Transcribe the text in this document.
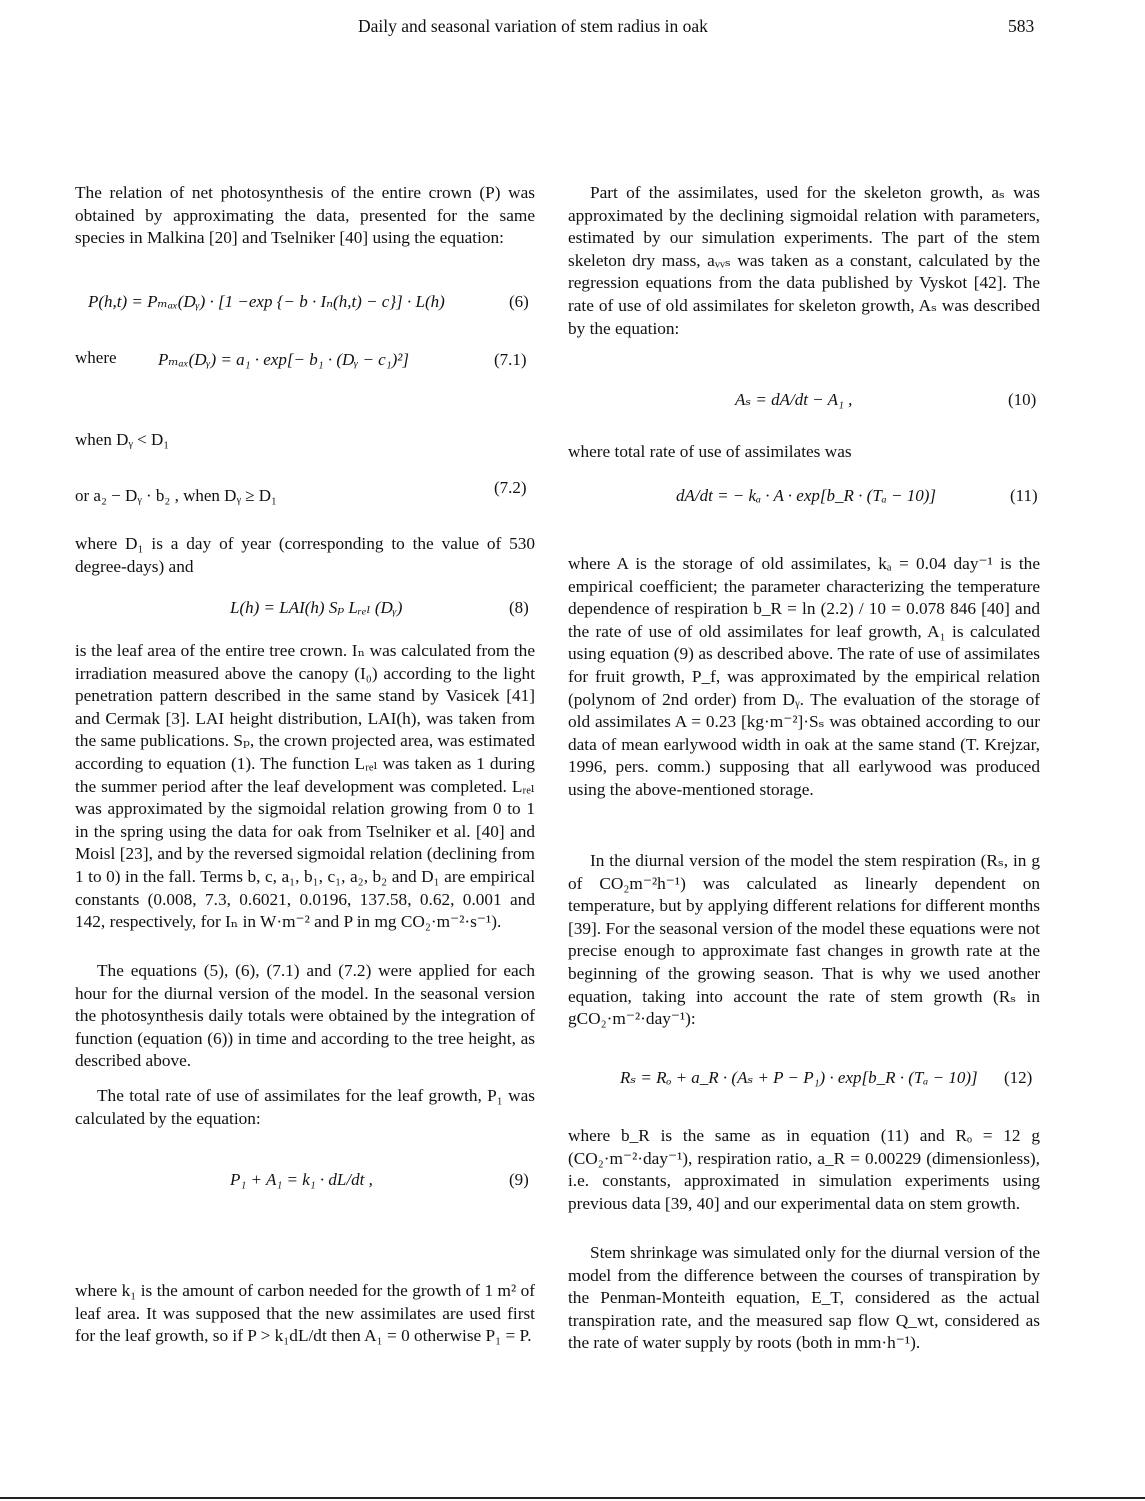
Daily and seasonal variation of stem radius in oak	583
The relation of net photosynthesis of the entire crown (P) was obtained by approximating the data, presented for the same species in Malkina [20] and Tselniker [40] using the equation:
P(h,t) = Pₘₐₓ(Dᵧ) · [1 −exp {− b · Iₙ(h,t) − c}] · L(h)	(6)
where Pₘₐₓ(Dᵧ) = a₁ · exp[− b₁ · (Dᵧ − c₁)²]	(7.1)
when Dᵧ < D₁
or a₂ − Dᵧ · b₂ , when Dᵧ ≥ D₁	(7.2)
where D₁ is a day of year (corresponding to the value of 530 degree-days) and
L(h) = LAI(h) Sₚ Lᵣₑₗ (Dᵧ)	(8)
is the leaf area of the entire tree crown. Iₙ was calculated from the irradiation measured above the canopy (I₀) according to the light penetration pattern described in the same stand by Vasicek [41] and Cermak [3]. LAI height distribution, LAI(h), was taken from the same publications. Sₚ, the crown projected area, was estimated according to equation (1). The function Lᵣₑₗ was taken as 1 during the summer period after the leaf development was completed. Lᵣₑₗ was approximated by the sigmoidal relation growing from 0 to 1 in the spring using the data for oak from Tselniker et al. [40] and Moisl [23], and by the reversed sigmoidal relation (declining from 1 to 0) in the fall. Terms b, c, a₁, b₁, c₁, a₂, b₂ and D₁ are empirical constants (0.008, 7.3, 0.6021, 0.0196, 137.58, 0.62, 0.001 and 142, respectively, for Iₙ in W·m⁻² and P in mg CO₂·m⁻²·s⁻¹).
The equations (5), (6), (7.1) and (7.2) were applied for each hour for the diurnal version of the model. In the seasonal version the photosynthesis daily totals were obtained by the integration of function (equation (6)) in time and according to the tree height, as described above.
The total rate of use of assimilates for the leaf growth, P₁ was calculated by the equation:
P₁ + A₁ = k₁ · dL/dt ,	(9)
where k₁ is the amount of carbon needed for the growth of 1 m² of leaf area. It was supposed that the new assimilates are used first for the leaf growth, so if P > k₁dL/dt then A₁ = 0 otherwise P₁ = P.
Part of the assimilates, used for the skeleton growth, aₛ was approximated by the declining sigmoidal relation with parameters, estimated by our simulation experiments. The part of the stem skeleton dry mass, aᵥᵥₛ was taken as a constant, calculated by the regression equations from the data published by Vyskot [42]. The rate of use of old assimilates for skeleton growth, Aₛ was described by the equation:
Aₛ = dA/dt − A₁ ,	(10)
where total rate of use of assimilates was
dA/dt = − kₐ · A · exp[b_R · (Tₐ − 10)]	(11)
where A is the storage of old assimilates, kₐ = 0.04 day⁻¹ is the empirical coefficient; the parameter characterizing the temperature dependence of respiration b_R = ln (2.2) / 10 = 0.078 846 [40] and the rate of use of old assimilates for leaf growth, A₁ is calculated using equation (9) as described above. The rate of use of assimilates for fruit growth, P_f, was approximated by the empirical relation (polynom of 2nd order) from Dᵧ. The evaluation of the storage of old assimilates A = 0.23 [kg·m⁻²]·Sₛ was obtained according to our data of mean earlywood width in oak at the same stand (T. Krejzar, 1996, pers. comm.) supposing that all earlywood was produced using the above-mentioned storage.
In the diurnal version of the model the stem respiration (Rₛ, in g of CO₂m⁻²h⁻¹) was calculated as linearly dependent on temperature, but by applying different relations for different months [39]. For the seasonal version of the model these equations were not precise enough to approximate fast changes in growth rate at the beginning of the growing season. That is why we used another equation, taking into account the rate of stem growth (Rₛ in gCO₂·m⁻²·day⁻¹):
Rₛ = Rₒ + a_R · (Aₛ + P − P₁) · exp[b_R · (Tₐ − 10)] (12)
where b_R is the same as in equation (11) and Rₒ = 12 g (CO₂·m⁻²·day⁻¹), respiration ratio, a_R = 0.00229 (dimensionless), i.e. constants, approximated in simulation experiments using previous data [39, 40] and our experimental data on stem growth.
Stem shrinkage was simulated only for the diurnal version of the model from the difference between the courses of transpiration by the Penman-Monteith equation, E_T, considered as the actual transpiration rate, and the measured sap flow Q_wt, considered as the rate of water supply by roots (both in mm·h⁻¹).
